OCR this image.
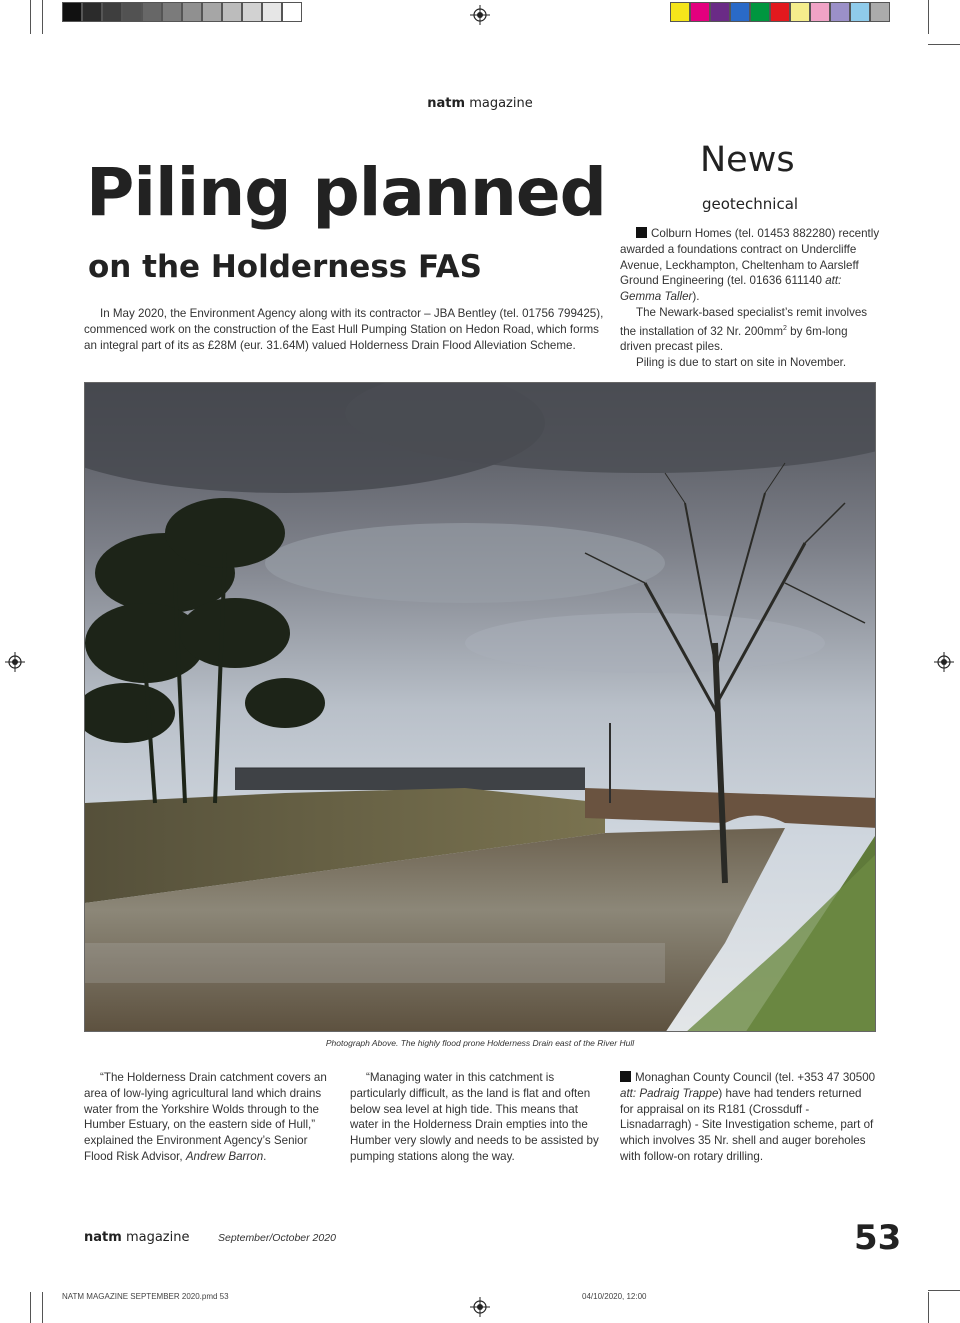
natm magazine
Piling planned
on the Holderness FAS
News
geotechnical

In May 2020, the Environment Agency along with its contractor – JBA Bentley (tel. 01756 799425), commenced work on the construction of the East Hull Pumping Station on Hedon Road, which forms an integral part of its as £28M (eur. 31.64M) valued Holderness Drain Flood Alleviation Scheme.

Colburn Homes (tel. 01453 882280) recently awarded a foundations contract on Undercliffe Avenue, Leckhampton, Cheltenham to Aarsleff Ground Engineering (tel. 01636 611140 att: Gemma Taller).

The Newark-based specialist’s remit involves the installation of 32 Nr. $200mm^2$ by 6m-long driven precast piles.

Piling is due to start on site in November.

Photograph Above. The highly flood prone Holderness Drain east of the River Hull

“The Holderness Drain catchment covers an area of low-lying agricultural land which drains water from the Yorkshire Wolds through to the Humber Estuary, on the eastern side of Hull,” explained the Environment Agency’s Senior Flood Risk Advisor, Andrew Barron.

“Managing water in this catchment is particularly difficult, as the land is flat and often below sea level at high tide. This means that water in the Holderness Drain empties into the Humber very slowly and needs to be assisted by pumping stations along the way.

Monaghan County Council (tel. +353 47 30500 att: Padraig Trappe) have had tenders returned for appraisal on its R181 (Crossduff - Lisnadarragh) - Site Investigation scheme, part of which involves 35 Nr. shell and auger boreholes with follow-on rotary drilling.

natm magazine	September/October 2020	53
NATM MAGAZINE SEPTEMBER 2020.pmd 53	04/10/2020, 12:00
